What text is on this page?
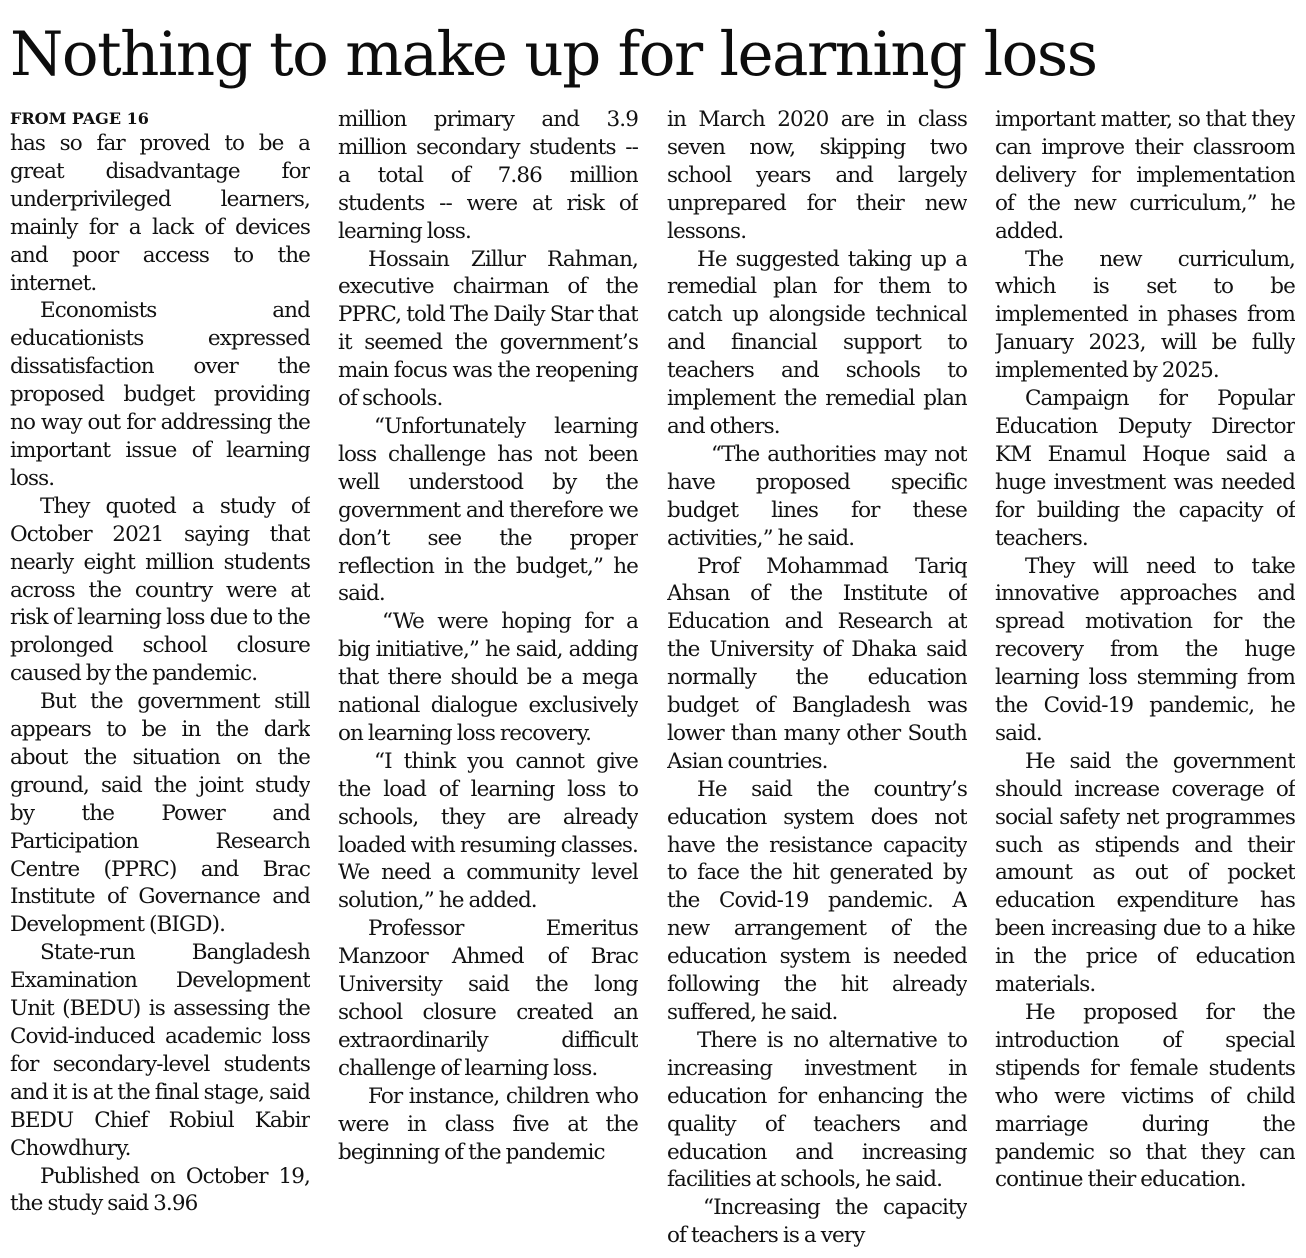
Nothing to make up for learning loss
FROM PAGE 16

has so far proved to be a great disadvantage for underprivileged learners, mainly for a lack of devices and poor access to the internet.

Economists and educationists expressed dissatisfaction over the proposed budget providing no way out for addressing the important issue of learning loss.

They quoted a study of October 2021 saying that nearly eight million students across the country were at risk of learning loss due to the prolonged school closure caused by the pandemic.

But the government still appears to be in the dark about the situation on the ground, said the joint study by the Power and Participation Research Centre (PPRC) and Brac Institute of Governance and Development (BIGD).

State-run Bangladesh Examination Development Unit (BEDU) is assessing the Covid-induced academic loss for secondary-level students and it is at the final stage, said BEDU Chief Robiul Kabir Chowdhury.

Published on October 19, the study said 3.96

million primary and 3.9 million secondary students -- a total of 7.86 million students -- were at risk of learning loss.

Hossain Zillur Rahman, executive chairman of the PPRC, told The Daily Star that it seemed the government’s main focus was the reopening of schools.

“Unfortunately learning loss challenge has not been well understood by the government and therefore we don’t see the proper reflection in the budget,” he said.

“We were hoping for a big initiative,” he said, adding that there should be a mega national dialogue exclusively on learning loss recovery.

“I think you cannot give the load of learning loss to schools, they are already loaded with resuming classes. We need a community level solution,” he added.

Professor Emeritus Manzoor Ahmed of Brac University said the long school closure created an extraordinarily difficult challenge of learning loss.

For instance, children who were in class five at the beginning of the pandemic

in March 2020 are in class seven now, skipping two school years and largely unprepared for their new lessons.

He suggested taking up a remedial plan for them to catch up alongside technical and financial support to teachers and schools to implement the remedial plan and others.

“The authorities may not have proposed specific budget lines for these activities,” he said.

Prof Mohammad Tariq Ahsan of the Institute of Education and Research at the University of Dhaka said normally the education budget of Bangladesh was lower than many other South Asian countries.

He said the country’s education system does not have the resistance capacity to face the hit generated by the Covid-19 pandemic. A new arrangement of the education system is needed following the hit already suffered, he said.

There is no alternative to increasing investment in education for enhancing the quality of teachers and education and increasing facilities at schools, he said.

“Increasing the capacity of teachers is a very

important matter, so that they can improve their classroom delivery for implementation of the new curriculum,” he added.

The new curriculum, which is set to be implemented in phases from January 2023, will be fully implemented by 2025.

Campaign for Popular Education Deputy Director KM Enamul Hoque said a huge investment was needed for building the capacity of teachers.

They will need to take innovative approaches and spread motivation for the recovery from the huge learning loss stemming from the Covid-19 pandemic, he said.

He said the government should increase coverage of social safety net programmes such as stipends and their amount as out of pocket education expenditure has been increasing due to a hike in the price of education materials.

He proposed for the introduction of special stipends for female students who were victims of child marriage during the pandemic so that they can continue their education.
